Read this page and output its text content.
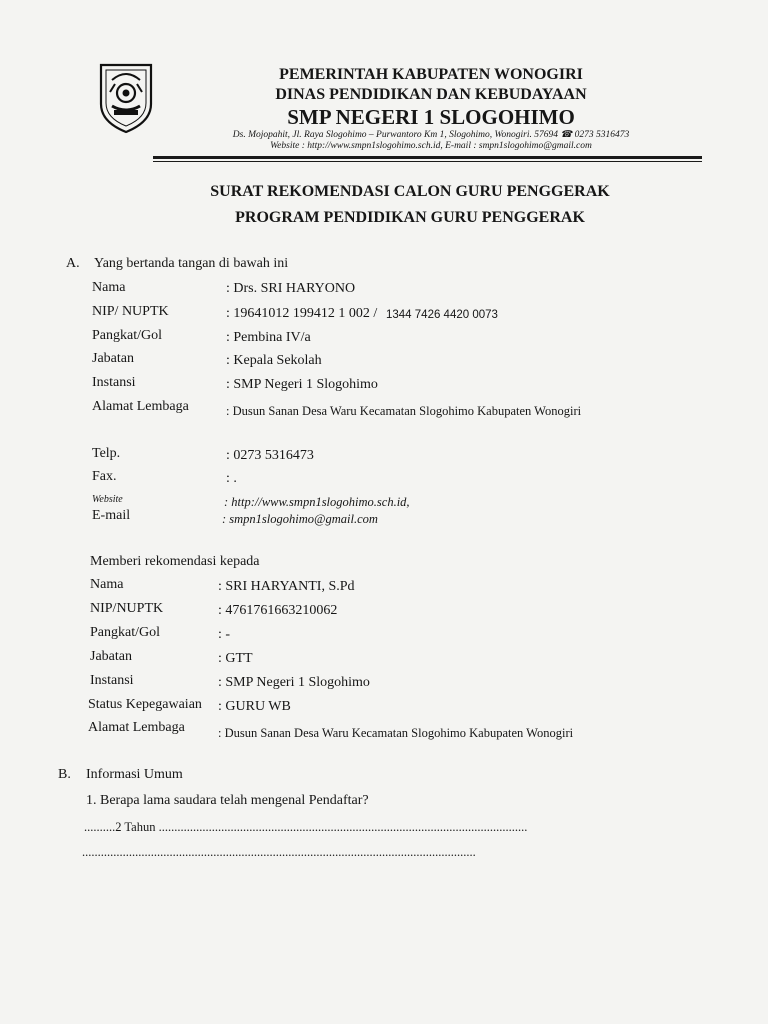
PEMERINTAH KABUPATEN WONOGIRI
DINAS PENDIDIKAN DAN KEBUDAYAAN
SMP NEGERI 1 SLOGOHIMO
Ds. Mojopahit, Jl. Raya Slogohimo – Purwantoro Km 1, Slogohimo, Wonogiri. 57694 ☎ 0273 5316473
Website : http://www.smpn1slogohimo.sch.id, E-mail : smpn1slogohimo@gmail.com
SURAT REKOMENDASI CALON GURU PENGGERAK
PROGRAM PENDIDIKAN GURU PENGGERAK
A. Yang bertanda tangan di bawah ini
Nama	: Drs. SRI HARYONO
NIP/ NUPTK	: 19641012 199412 1 002 / 1344 7426 4420 0073
Pangkat/Gol	: Pembina IV/a
Jabatan	: Kepala Sekolah
Instansi	: SMP Negeri 1 Slogohimo
Alamat Lembaga	: Dusun Sanan Desa Waru Kecamatan Slogohimo Kabupaten Wonogiri
Telp.	: 0273 5316473
Fax.	: .
Website	: http://www.smpn1slogohimo.sch.id,
E-mail	: smpn1slogohimo@gmail.com
Memberi rekomendasi kepada
Nama	: SRI HARYANTI, S.Pd
NIP/NUPTK	: 4761761663210062
Pangkat/Gol	: -
Jabatan	: GTT
Instansi	: SMP Negeri 1 Slogohimo
Status Kepegawaian : GURU WB
Alamat Lembaga	: Dusun Sanan Desa Waru Kecamatan Slogohimo Kabupaten Wonogiri
B. Informasi Umum
1. Berapa lama saudara telah mengenal Pendaftar?
..........2 Tahun ......................................................................................................................
..............................................................................................................................
